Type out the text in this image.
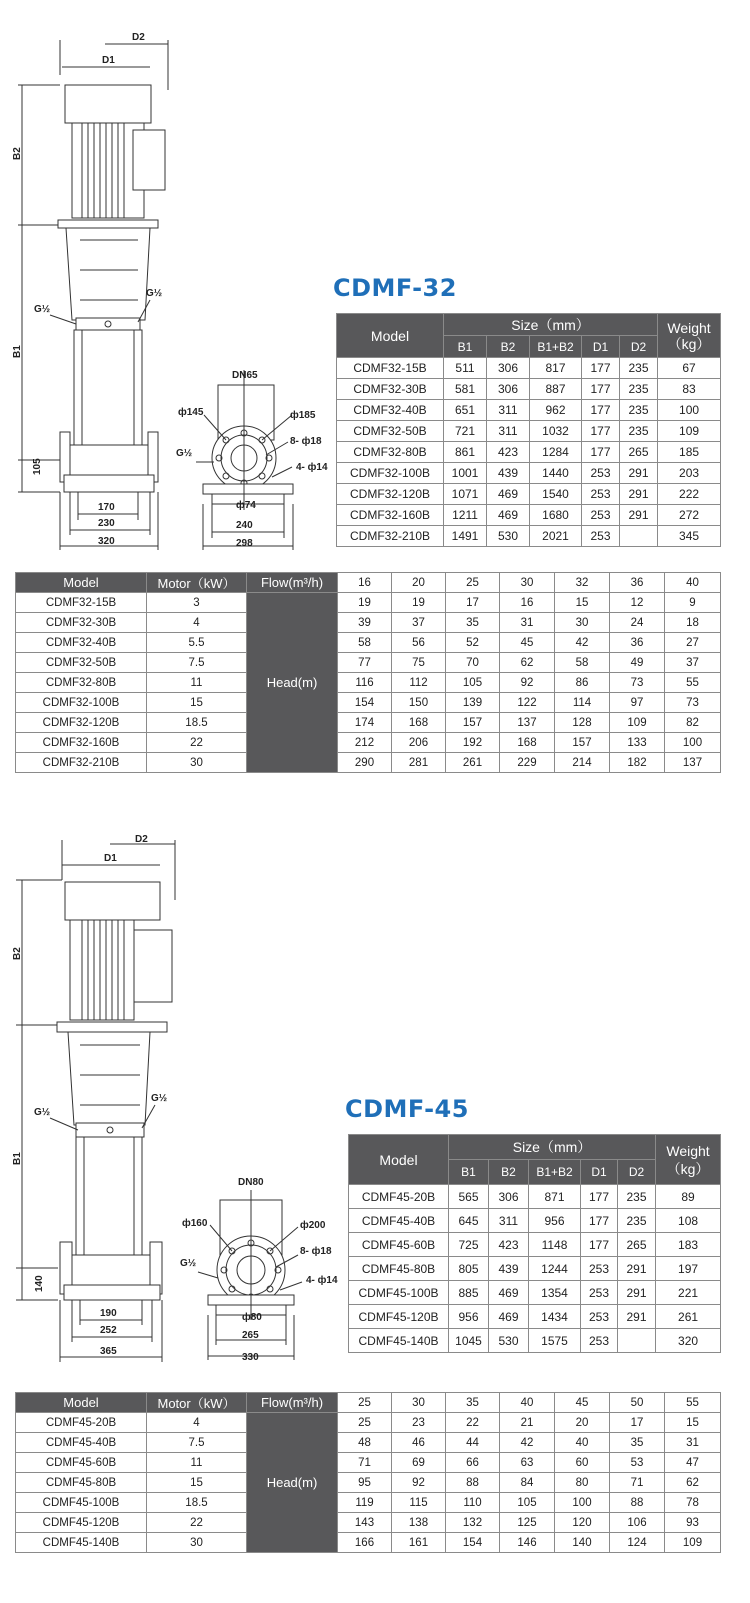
CDMF-32
D2
D1
B2
B1
105
G½
G½
170
230
320
DN65
ф145	ф185
8- ф18
4- ф14
G½
ф74
240
298
Model	Size（mm）					Weight（kg）
	B1	B2	B1+B2	D1	D2	
CDMF32-15B	511	306	817	177	235	67
CDMF32-30B	581	306	887	177	235	83
CDMF32-40B	651	311	962	177	235	100
CDMF32-50B	721	311	1032	177	235	109
CDMF32-80B	861	423	1284	177	265	185
CDMF32-100B	1001	439	1440	253	291	203
CDMF32-120B	1071	469	1540	253	291	222
CDMF32-160B	1211	469	1680	253	291	272
CDMF32-210B	1491	530	2021	253		345
Model	Motor（kW）	Flow(m³/h)	16	20	25	30	32	36	40
CDMF32-15B	3	Head(m)	19	19	17	16	15	12	9
CDMF32-30B	4		39	37	35	31	30	24	18
CDMF32-40B	5.5		58	56	52	45	42	36	27
CDMF32-50B	7.5		77	75	70	62	58	49	37
CDMF32-80B	11		116	112	105	92	86	73	55
CDMF32-100B	15		154	150	139	122	114	97	73
CDMF32-120B	18.5		174	168	157	137	128	109	82
CDMF32-160B	22		212	206	192	168	157	133	100
CDMF32-210B	30		290	281	261	229	214	182	137
CDMF-45
D2
D1
B2
B1
140
G½
G½
190
252
365
DN80
ф160	ф200
8- ф18
4- ф14
G½
ф80
265
330
Model	Size（mm）					Weight（kg）
	B1	B2	B1+B2	D1	D2	
CDMF45-20B	565	306	871	177	235	89
CDMF45-40B	645	311	956	177	235	108
CDMF45-60B	725	423	1148	177	265	183
CDMF45-80B	805	439	1244	253	291	197
CDMF45-100B	885	469	1354	253	291	221
CDMF45-120B	956	469	1434	253	291	261
CDMF45-140B	1045	530	1575	253		320
Model	Motor（kW）	Flow(m³/h)	25	30	35	40	45	50	55
CDMF45-20B	4	Head(m)	25	23	22	21	20	17	15
CDMF45-40B	7.5		48	46	44	42	40	35	31
CDMF45-60B	11		71	69	66	63	60	53	47
CDMF45-80B	15		95	92	88	84	80	71	62
CDMF45-100B	18.5		119	115	110	105	100	88	78
CDMF45-120B	22		143	138	132	125	120	106	93
CDMF45-140B	30		166	161	154	146	140	124	109
